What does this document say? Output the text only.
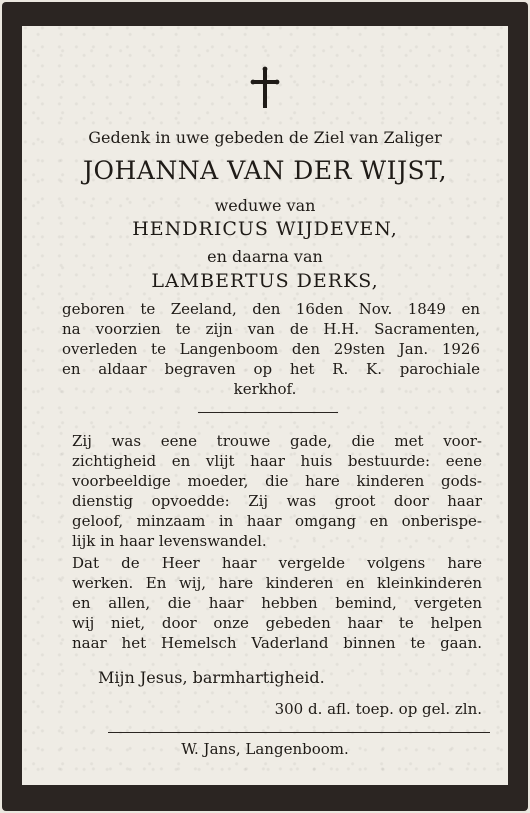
Gedenk in uwe gebeden de Ziel van Zaliger
JOHANNA VAN DER WIJST,
weduwe van
HENDRICUS WIJDEVEN,
en daarna van
LAMBERTUS DERKS,
geboren te Zeeland, den 16den Nov. 1849 en
na voorzien te zijn van de H.H. Sacramenten,
overleden te Langenboom den 29sten Jan. 1926
en aldaar begraven op het R. K. parochiale
kerkhof.
Zij was eene trouwe gade, die met voor-
zichtigheid en vlijt haar huis bestuurde: eene
voorbeeldige moeder, die hare kinderen gods-
dienstig opvoedde: Zij was groot door haar
geloof, minzaam in haar omgang en onberispe-
lijk in haar levenswandel.
Dat de Heer haar vergelde volgens hare
werken. En wij, hare kinderen en kleinkinderen
en allen, die haar hebben bemind, vergeten
wij niet, door onze gebeden haar te helpen
naar het Hemelsch Vaderland binnen te gaan.
Mijn Jesus, barmhartigheid.
300 d. afl. toep. op gel. zln.
W. Jans, Langenboom.
